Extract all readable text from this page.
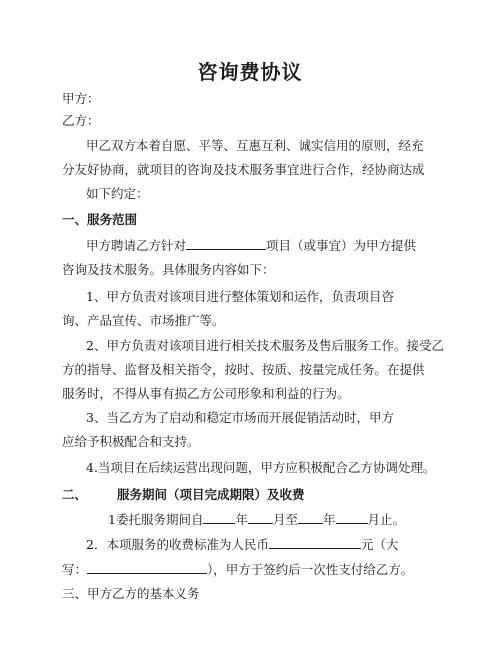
咨询费协议
甲方：
乙方：
甲乙双方本着自愿、平等、互惠互利、诚实信用的原则，经充
分友好协商，就项目的咨询及技术服务事宜进行合作，经协商达成
如下约定：
一、服务范围
甲方聘请乙方针对	项目（或事宜）为甲方提供
咨询及技术服务。具体服务内容如下：
1、甲方负责对该项目进行整体策划和运作，负责项目咨
询、产品宣传、市场推广等。
2、甲方负责对该项目进行相关技术服务及售后服务工作。接受乙
方的指导、监督及相关指令，按时、按质、按量完成任务。在提供
服务时，不得从事有损乙方公司形象和利益的行为。
3、当乙方为了启动和稳定市场而开展促销活动时，甲方
应给予积极配合和支持。
4.当项目在后续运营出现问题，甲方应积极配合乙方协调处理。
二、 服务期间（项目完成期限）及收费
1委托服务期间自	年 月至 年	月止。
2．本项服务的收费标准为人民币	元（大
写：	），甲方于签约后一次性支付给乙方。
三、甲方乙方的基本义务
